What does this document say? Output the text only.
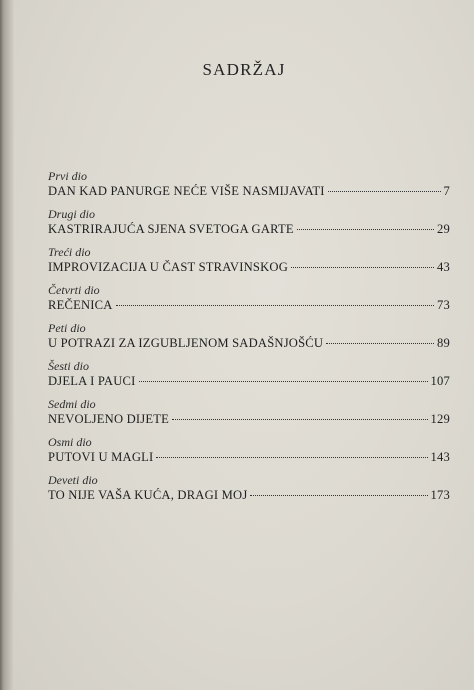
SADRŽAJ
Prvi dio
DAN KAD PANURGE NEĆE VIŠE NASMIJAVATI	7
Drugi dio
KASTRIRAJUĆA SJENA SVETOGA GARTE	29
Treći dio
IMPROVIZACIJA U ČAST STRAVINSKOG	43
Četvrti dio
REČENICA	73
Peti dio
U POTRAZI ZA IZGUBLJENOM SADAŠNJOŠĆU	89
Šesti dio
DJELA I PAUCI	107
Sedmi dio
NEVOLJENO DIJETE	129
Osmi dio
PUTOVI U MAGLI	143
Deveti dio
TO NIJE VAŠA KUĆA, DRAGI MOJ	173
